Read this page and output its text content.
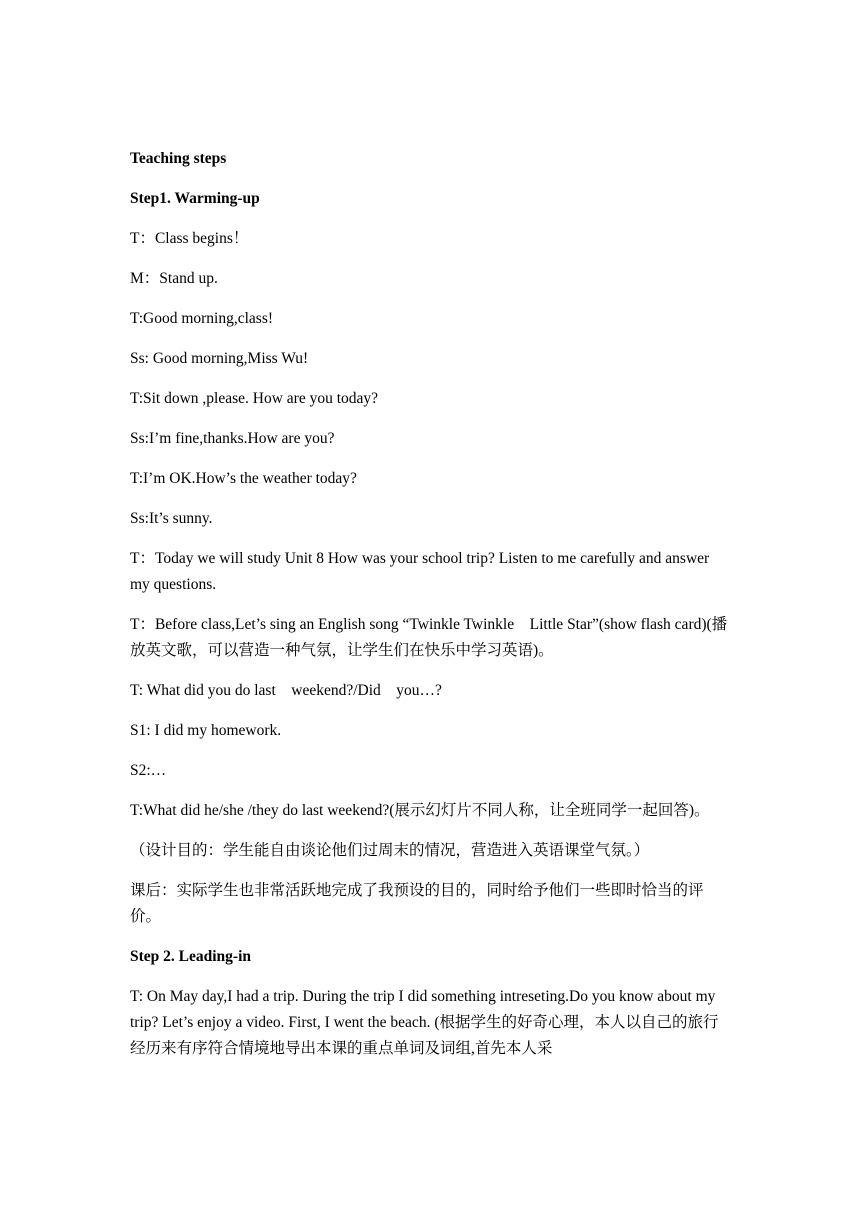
Teaching steps

Step1. Warming-up

T：Class begins！

M：Stand up.

T:Good morning,class!

Ss: Good morning,Miss Wu!

T:Sit down ,please. How are you today?

Ss:I’m fine,thanks.How are you?

T:I’m OK.How’s the weather today?

Ss:It’s sunny.

T：Today we will study Unit 8 How was your school trip? Listen to me carefully and answer my questions.

T：Before class,Let’s sing an English song “Twinkle Twinkle    Little Star”(show flash card)(播放英文歌，可以营造一种气氛，让学生们在快乐中学习英语)。

T: What did you do last    weekend?/Did    you…?

S1: I did my homework.

S2:…

T:What did he/she /they do last weekend?(展示幻灯片不同人称，让全班同学一起回答)。

（设计目的：学生能自由谈论他们过周末的情况，营造进入英语课堂气氛。）

课后：实际学生也非常活跃地完成了我预设的目的，同时给予他们一些即时恰当的评价。

Step 2. Leading-in

T: On May day,I had a trip. During the trip I did something intreseting.Do you know about my trip? Let’s enjoy a video. First, I went the beach. (根据学生的好奇心理，本人以自己的旅行经历来有序符合情境地导出本课的重点单词及词组,首先本人采
